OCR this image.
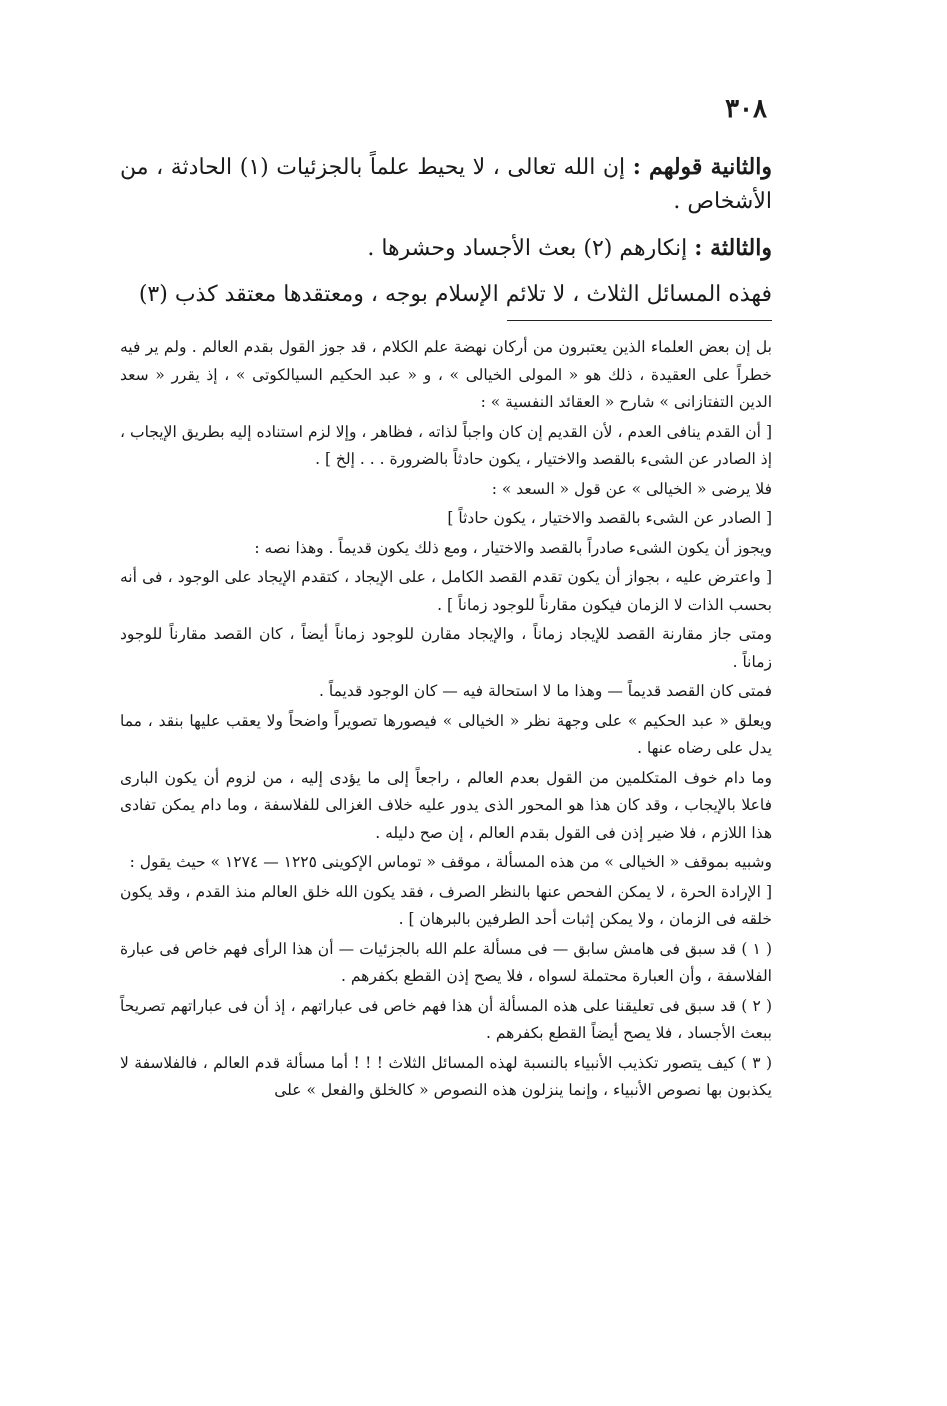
٣٠٨

والثانية قولهم : إن الله تعالى ، لا يحيط علماً بالجزئيات (١) الحادثة ، من الأشخاص .

والثالثة : إنكارهم (٢) بعث الأجساد وحشرها .

فهذه المسائل الثلاث ، لا تلائم الإسلام بوجه ، ومعتقدها معتقد كذب (٣)

بل إن بعض العلماء الذين يعتبرون من أركان نهضة علم الكلام ، قد جوز القول بقدم العالم . ولم ير فيه خطراً على العقيدة ، ذلك هو « المولى الخيالى » ، و « عبد الحكيم السيالكوتى » ، إذ يقرر « سعد الدين التفتازانى » شارح « العقائد النفسية » :

[ أن القدم ينافى العدم ، لأن القديم إن كان واجباً لذاته ، فظاهر ، وإلا لزم استناده إليه بطريق الإيجاب ، إذ الصادر عن الشىء بالقصد والاختيار ، يكون حادثاً بالضرورة . . . إلخ ] .

فلا يرضى « الخيالى » عن قول « السعد » :

[ الصادر عن الشىء بالقصد والاختيار ، يكون حادثاً ]

ويجوز أن يكون الشىء صادراً بالقصد والاختيار ، ومع ذلك يكون قديماً . وهذا نصه :

[ واعترض عليه ، بجواز أن يكون تقدم القصد الكامل ، على الإيجاد ، كتقدم الإيجاد على الوجود ، فى أنه بحسب الذات لا الزمان فيكون مقارناً للوجود زماناً ] .

ومتى جاز مقارنة القصد للإيجاد زماناً ، والإيجاد مقارن للوجود زماناً أيضاً ، كان القصد مقارناً للوجود زماناً .

فمتى كان القصد قديماً — وهذا ما لا استحالة فيه — كان الوجود قديماً .

ويعلق « عبد الحكيم » على وجهة نظر « الخيالى » فيصورها تصويراً واضحاً ولا يعقب عليها بنقد ، مما يدل على رضاه عنها .

وما دام خوف المتكلمين من القول بعدم العالم ، راجعاً إلى ما يؤدى إليه ، من لزوم أن يكون البارى فاعلا بالإيجاب ، وقد كان هذا هو المحور الذى يدور عليه خلاف الغزالى للفلاسفة ، وما دام يمكن تفادى هذا اللازم ، فلا ضير إذن فى القول بقدم العالم ، إن صح دليله .

وشبيه بموقف « الخيالى » من هذه المسألة ، موقف « توماس الإكوينى ١٢٢٥ — ١٢٧٤ » حيث يقول :

[ الإرادة الحرة ، لا يمكن الفحص عنها بالنظر الصرف ، فقد يكون الله خلق العالم منذ القدم ، وقد يكون خلقه فى الزمان ، ولا يمكن إثبات أحد الطرفين بالبرهان ] .

( ١ ) قد سبق فى هامش سابق — فى مسألة علم الله بالجزئيات — أن هذا الرأى فهم خاص فى عبارة الفلاسفة ، وأن العبارة محتملة لسواه ، فلا يصح إذن القطع بكفرهم .

( ٢ ) قد سبق فى تعليقنا على هذه المسألة أن هذا فهم خاص فى عباراتهم ، إذ أن فى عباراتهم تصريحاً ببعث الأجساد ، فلا يصح أيضاً القطع بكفرهم .

( ٣ ) كيف يتصور تكذيب الأنبياء بالنسبة لهذه المسائل الثلاث ! ! ! أما مسألة قدم العالم ، فالفلاسفة لا يكذبون بها نصوص الأنبياء ، وإنما ينزلون هذه النصوص « كالخلق والفعل » على
